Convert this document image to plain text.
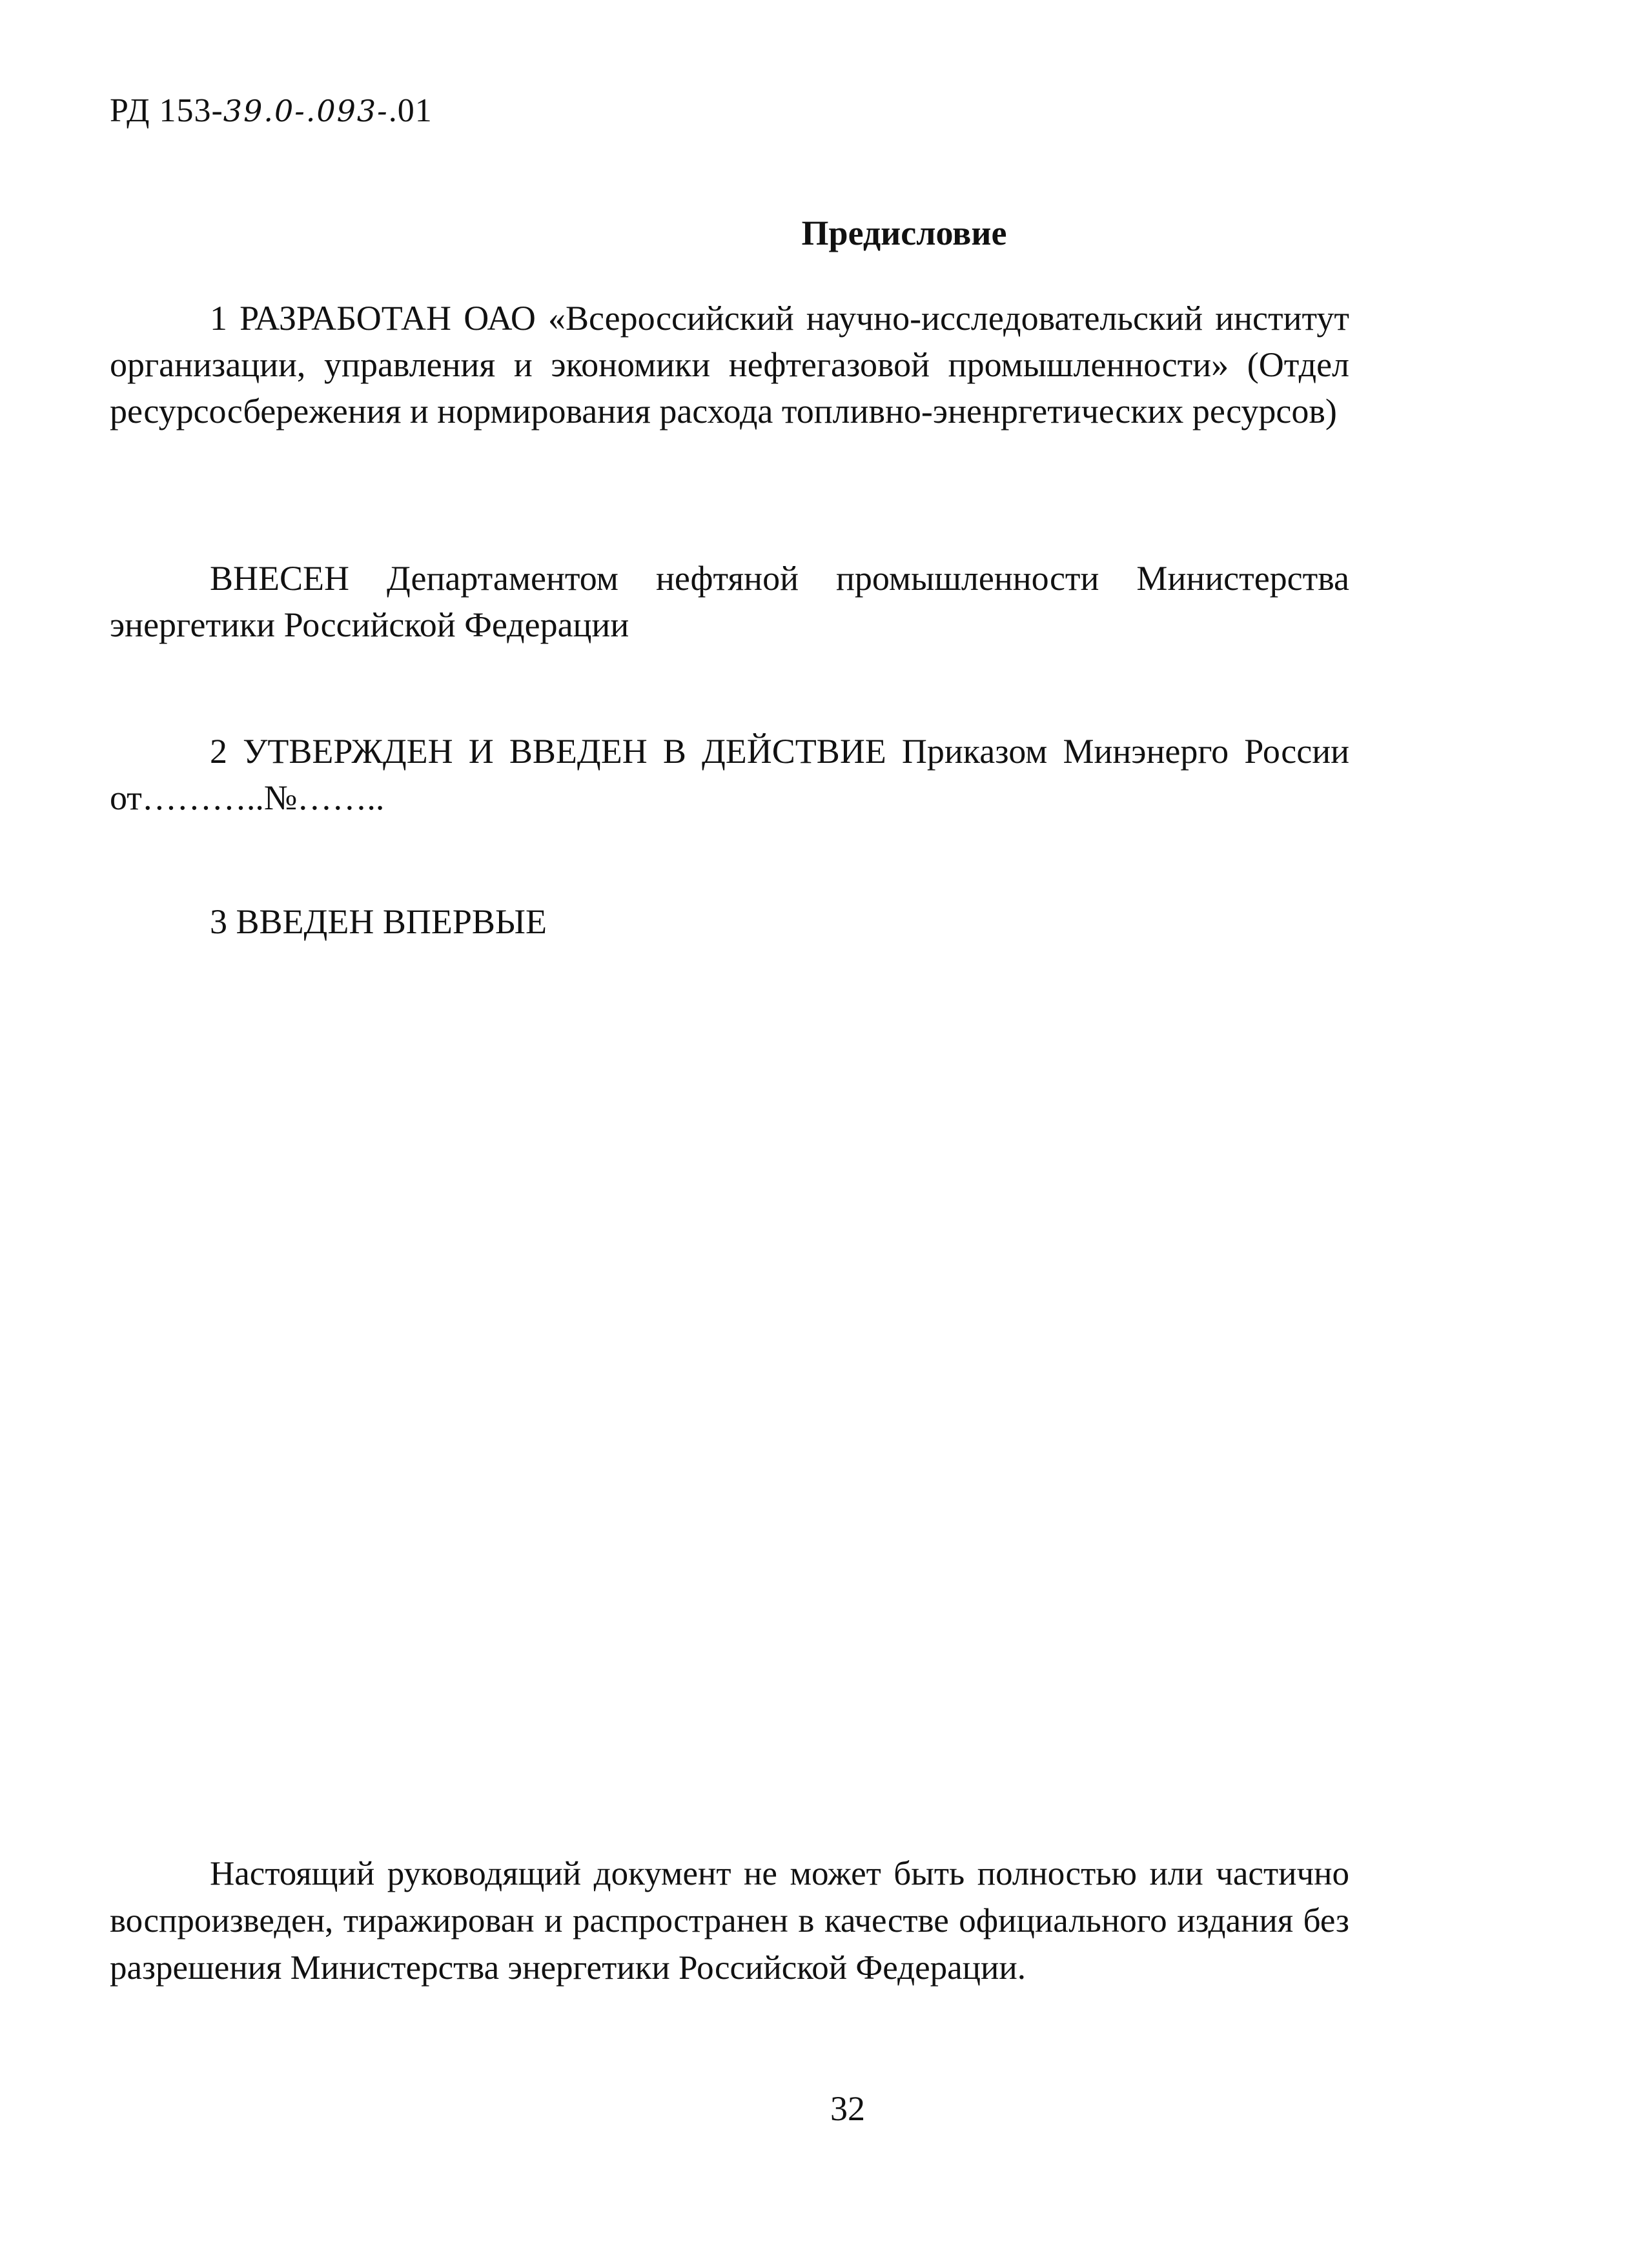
РД 153-39.0-.093-.01
Предисловие

1 РАЗРАБОТАН ОАО «Всероссийский научно-исследовательский институт организации, управления и экономики нефтегазовой промышленности» (Отдел ресурсосбережения и нормирования расхода топливно-эненргетических ресурсов)

ВНЕСЕН Департаментом нефтяной промышленности Министерства энергетики Российской Федерации

2 УТВЕРЖДЕН И ВВЕДЕН В ДЕЙСТВИЕ Приказом Минэнерго России от………..№……..

3 ВВЕДЕН ВПЕРВЫЕ

Настоящий руководящий документ не может быть полностью или частично воспроизведен, тиражирован и распространен в качестве официального издания без разрешения Министерства энергетики Российской Федерации.

32
